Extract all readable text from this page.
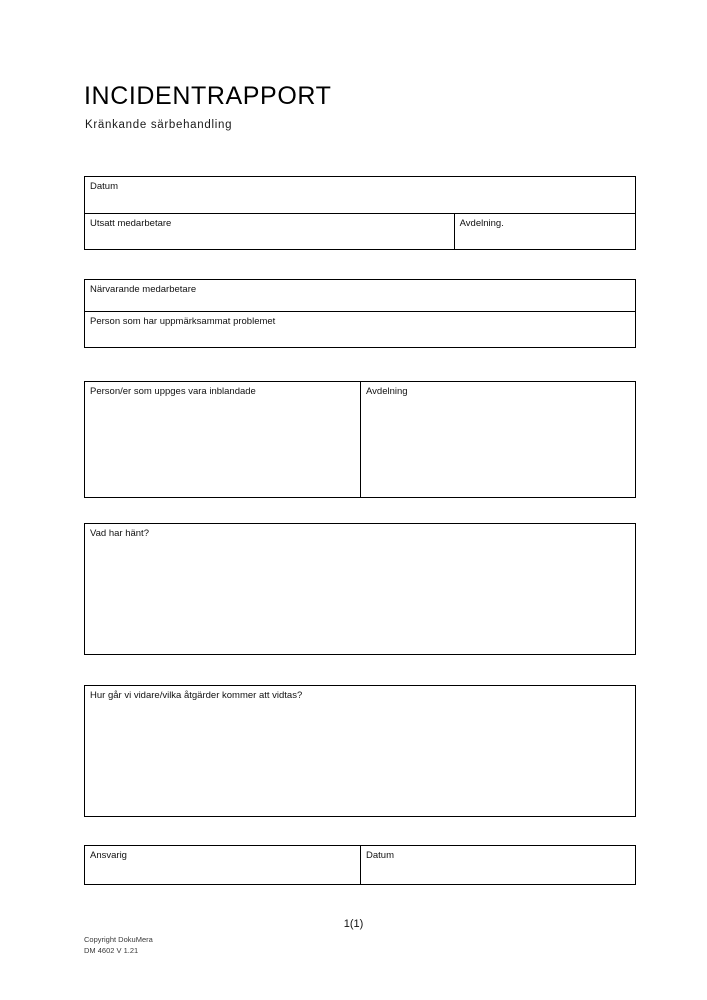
INCIDENTRAPPORT
Kränkande särbehandling
Datum
Utsatt medarbetare	Avdelning.
Närvarande medarbetare
Person som har uppmärksammat problemet
Person/er som uppges vara inblandade	Avdelning
Vad har hänt?
Hur går vi vidare/vilka åtgärder kommer att vidtas?
Ansvarig	Datum
1(1)
Copyright DokuMera
DM 4602 V 1.21
